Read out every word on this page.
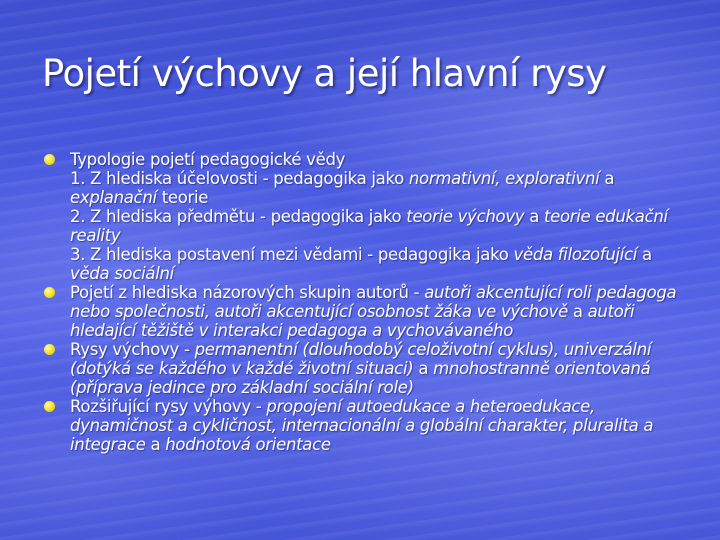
Pojetí výchovy a její hlavní rysy
Typologie pojetí pedagogické vědy
1. Z hlediska účelovosti - pedagogika jako normativní, explorativní a explanační teorie
2. Z hlediska předmětu - pedagogika jako teorie výchovy a teorie edukační reality
3. Z hlediska postavení mezi vědami - pedagogika jako věda filozofující a věda sociální
Pojetí z hlediska názorových skupin autorů - autoři akcentující roli pedagoga nebo společnosti, autoři akcentující osobnost žáka ve výchově a autoři hledající těžiště v interakci pedagoga a vychovávaného
Rysy výchovy - permanentní (dlouhodobý celoživotní cyklus), univerzální (dotýká se každého v každé životní situaci) a mnohostranně orientovaná (příprava jedince pro základní sociální role)
Rozšiřující rysy výhovy - propojení autoedukace a heteroedukace, dynamičnost a cykličnost, internacionální a globální charakter, pluralita a integrace a hodnotová orientace
